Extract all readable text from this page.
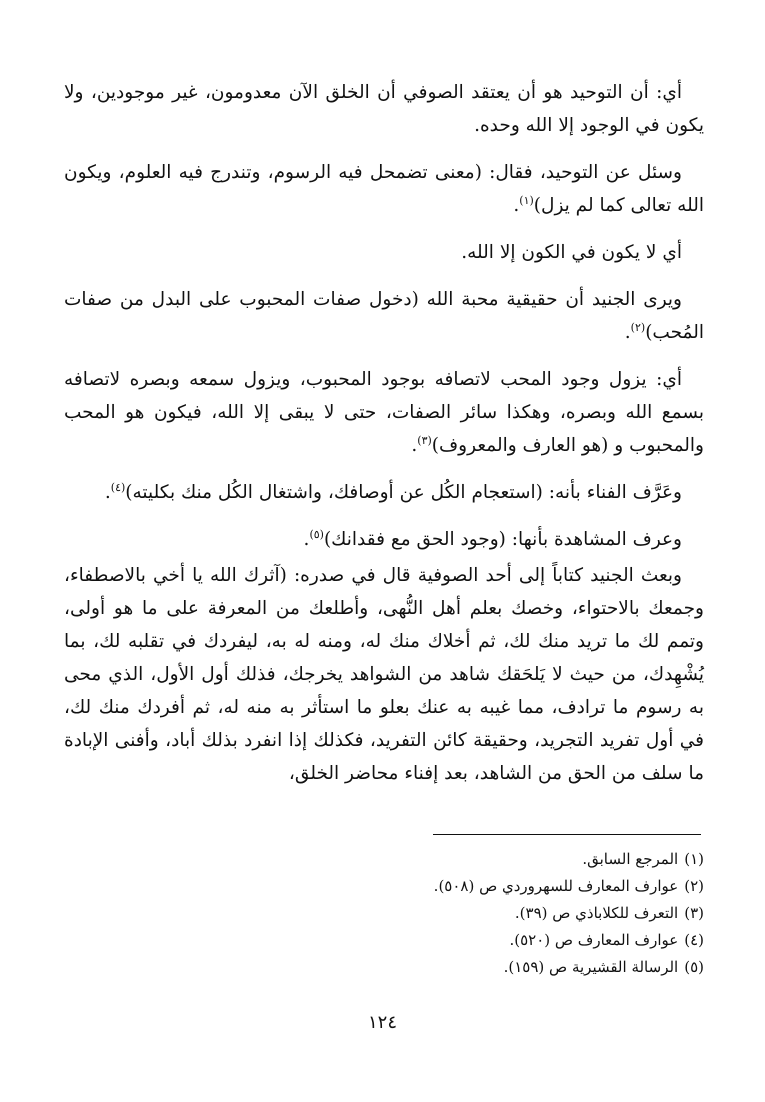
أي: أن التوحيد هو أن يعتقد الصوفي أن الخلق الآن معدومون، غير موجودين، ولا يكون في الوجود إلا الله وحده.

وسئل عن التوحيد، فقال: (معنى تضمحل فيه الرسوم، وتندرج فيه العلوم، ويكون الله تعالى كما لم يزل)$^{(١)}$.

أي لا يكون في الكون إلا الله.

ويرى الجنيد أن حقيقية محبة الله (دخول صفات المحبوب على البدل من صفات المُحب)$^{(٢)}$.

أي: يزول وجود المحب لاتصافه بوجود المحبوب، ويزول سمعه وبصره لاتصافه بسمع الله وبصره، وهكذا سائر الصفات، حتى لا يبقى إلا الله، فيكون هو المحب والمحبوب و (هو العارف والمعروف)$^{(٣)}$.

وعَرَّف الفناء بأنه: (استعجام الكُل عن أوصافك، واشتغال الكُل منك بكليته)$^{(٤)}$.

وعرف المشاهدة بأنها: (وجود الحق مع فقدانك)$^{(٥)}$.

وبعث الجنيد كتاباً إلى أحد الصوفية قال في صدره: (آثرك الله يا أخي بالاصطفاء، وجمعك بالاحتواء، وخصك بعلم أهل النُّهى، وأطلعك من المعرفة على ما هو أولى، وتمم لك ما تريد منك لك، ثم أخلاك منك له، ومنه له به، ليفردك في تقلبه لك، بما يُشْهِدك، من حيث لا يَلحَقك شاهد من الشواهد يخرجك، فذلك أول الأول، الذي محى به رسوم ما ترادف، مما غيبه به عنك بعلو ما استأثر به منه له، ثم أفردك منك لك، في أول تفريد التجريد، وحقيقة كائن التفريد، فكذلك إذا انفرد بذلك أباد، وأفنى الإبادة ما سلف من الحق من الشاهد، بعد إفناء محاضر الخلق،

(١)المرجع السابق.

(٢)عوارف المعارف للسهروردي ص (٥٠٨).

(٣)التعرف للكلاباذي ص (٣٩).

(٤)عوارف المعارف ص (٥٢٠).

(٥)الرسالة القشيرية ص (١٥٩).

١٢٤
